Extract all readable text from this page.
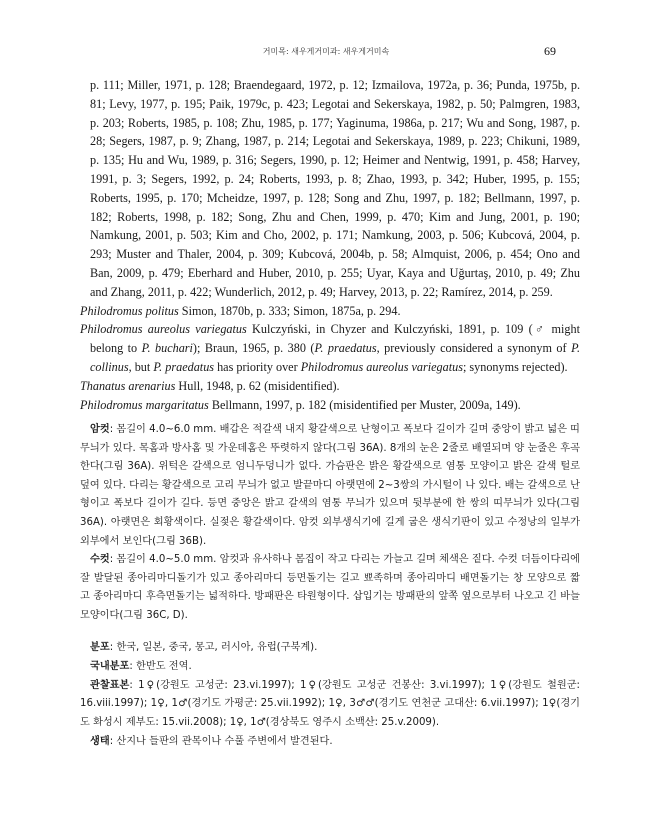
거미목: 새우게거미과: 새우게거미속	69

p. 111; Miller, 1971, p. 128; Braendegaard, 1972, p. 12; Izmailova, 1972a, p. 36; Punda, 1975b, p. 81; Levy, 1977, p. 195; Paik, 1979c, p. 423; Legotai and Sekerskaya, 1982, p. 50; Palmgren, 1983, p. 203; Roberts, 1985, p. 108; Zhu, 1985, p. 177; Yaginuma, 1986a, p. 217; Wu and Song, 1987, p. 28; Segers, 1987, p. 9; Zhang, 1987, p. 214; Legotai and Sekerskaya, 1989, p. 223; Chikuni, 1989, p. 135; Hu and Wu, 1989, p. 316; Segers, 1990, p. 12; Heimer and Nentwig, 1991, p. 458; Harvey, 1991, p. 3; Segers, 1992, p. 24; Roberts, 1993, p. 8; Zhao, 1993, p. 342; Huber, 1995, p. 155; Roberts, 1995, p. 170; Mcheidze, 1997, p. 128; Song and Zhu, 1997, p. 182; Bellmann, 1997, p. 182; Roberts, 1998, p. 182; Song, Zhu and Chen, 1999, p. 470; Kim and Jung, 2001, p. 190; Namkung, 2001, p. 503; Kim and Cho, 2002, p. 171; Namkung, 2003, p. 506; Kubcová, 2004, p. 293; Muster and Thaler, 2004, p. 309; Kubcová, 2004b, p. 58; Almquist, 2006, p. 454; Ono and Ban, 2009, p. 479; Eberhard and Huber, 2010, p. 255; Uyar, Kaya and Uğurtaş, 2010, p. 49; Zhu and Zhang, 2011, p. 422; Wunderlich, 2012, p. 49; Harvey, 2013, p. 22; Ramírez, 2014, p. 259.

Philodromus politus Simon, 1870b, p. 333; Simon, 1875a, p. 294.

Philodromus aureolus variegatus Kulczyński, in Chyzer and Kulczyński, 1891, p. 109 (♂ might belong to P. buchari); Braun, 1965, p. 380 (P. praedatus, previously considered a synonym of P. collinus, but P. praedatus has priority over Philodromus aureolus variegatus; synonyms rejected).

Thanatus arenarius Hull, 1948, p. 62 (misidentified).

Philodromus margaritatus Bellmann, 1997, p. 182 (misidentified per Muster, 2009a, 149).

암컷: 몸길이 4.0~6.0 mm. 배갑은 적갈색 내지 황갈색으로 난형이고 폭보다 길이가 길며 중앙이 밝고 넓은 띠무늬가 있다. 목홈과 방사홈 및 가운데홈은 뚜렷하지 않다(그림 36A). 8개의 눈은 2줄로 배열되며 양 눈줄은 후곡한다(그림 36A). 위턱은 갈색으로 엄니두덩니가 없다. 가슴판은 밝은 황갈색으로 염통 모양이고 밝은 갈색 털로 덮여 있다. 다리는 황갈색으로 고리 무늬가 없고 발끝마디 아랫면에 2~3쌍의 가시털이 나 있다. 배는 갈색으로 난형이고 폭보다 길이가 길다. 등면 중앙은 밝고 갈색의 염통 무늬가 있으며 뒷부분에 한 쌍의 띠무늬가 있다(그림 36A). 아랫면은 회황색이다. 실젖은 황갈색이다. 암컷 외부생식기에 길게 굽은 생식기판이 있고 수정낭의 일부가 외부에서 보인다(그림 36B).

수컷: 몸길이 4.0~5.0 mm. 암컷과 유사하나 몸집이 작고 다리는 가늘고 길며 체색은 짙다. 수컷 더듬이다리에 잘 발달된 종아리마디돌기가 있고 종아리마디 등면돌기는 길고 뾰족하며 종아리마디 배면돌기는 창 모양으로 짧고 종아리마디 후측면돌기는 넓적하다. 방패판은 타원형이다. 삽입기는 방패판의 앞쪽 옆으로부터 나오고 긴 바늘 모양이다(그림 36C, D).

분포: 한국, 일본, 중국, 몽고, 러시아, 유럽(구북계).

국내분포: 한반도 전역.

관찰표본: 1♀(강원도 고성군: 23.vi.1997); 1♀(강원도 고성군 건봉산: 3.vi.1997); 1♀(강원도 철원군: 16.viii.1997); 1♀, 1♂(경기도 가평군: 25.vii.1992); 1♀, 3♂♂(경기도 연천군 고대산: 6.vii.1997); 1♀(경기도 화성시 제부도: 15.vii.2008); 1♀, 1♂(경상북도 영주시 소백산: 25.v.2009).

생태: 산지나 들판의 관목이나 수풀 주변에서 발견된다.
